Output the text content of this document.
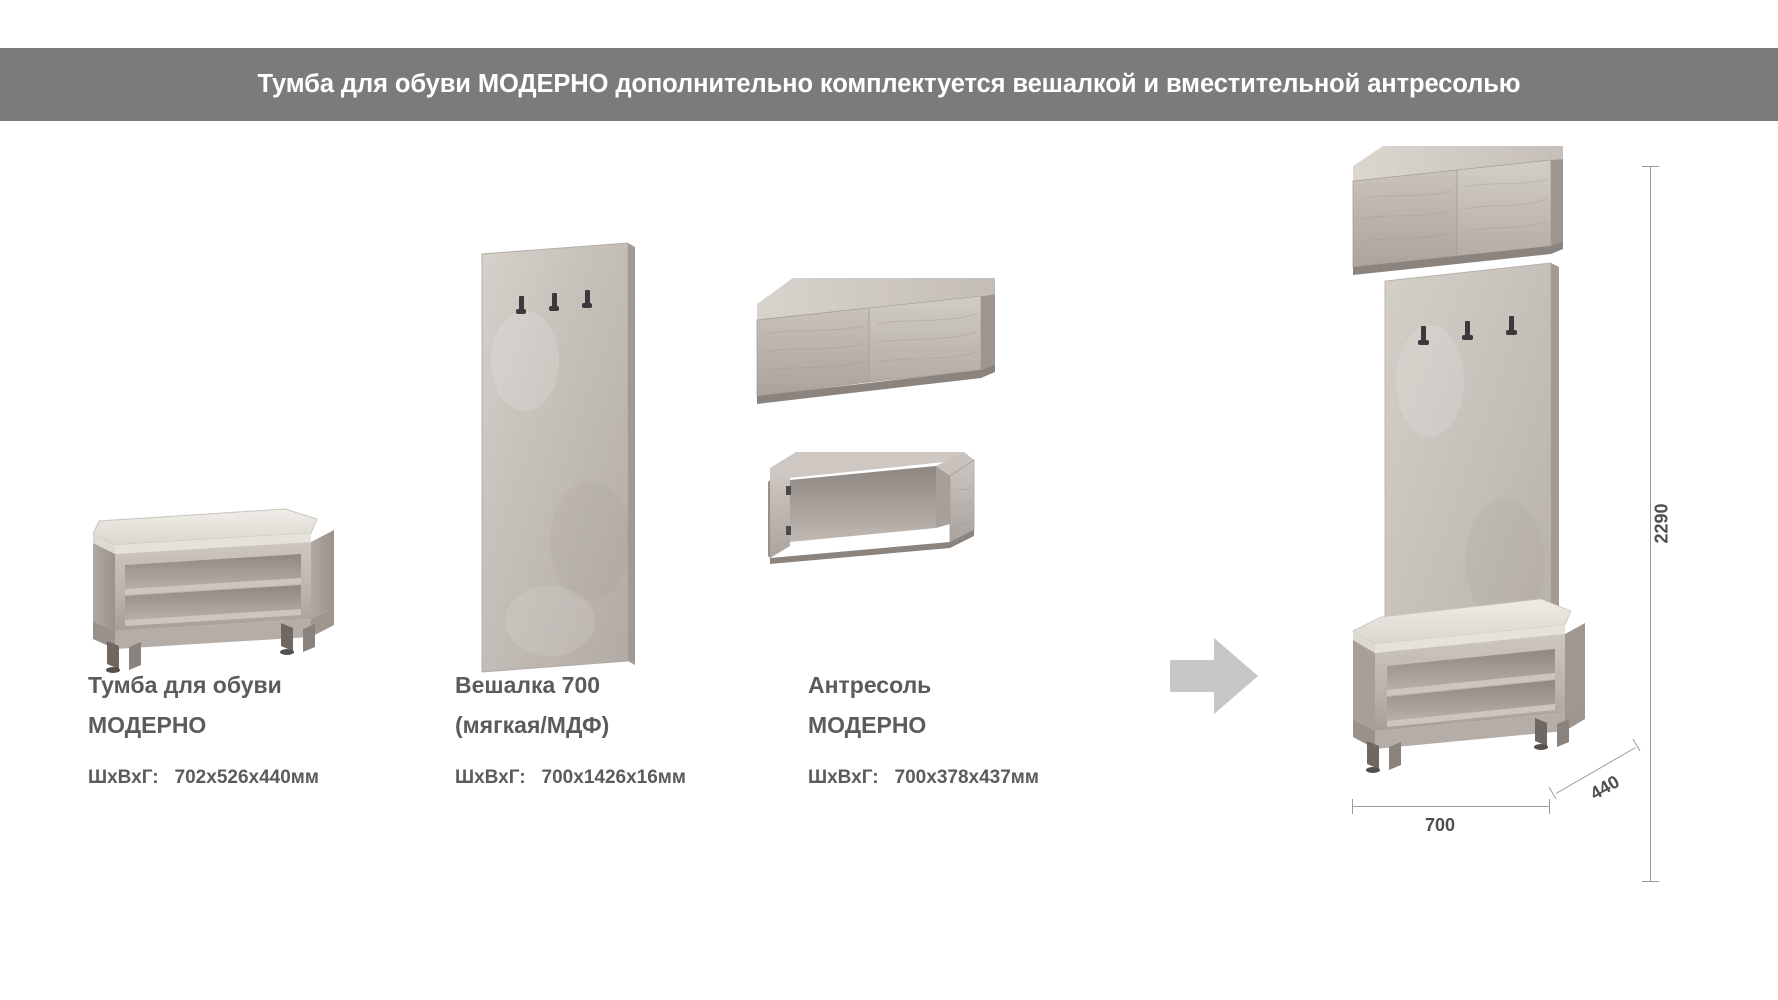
Тумба для обуви МОДЕРНО дополнительно комплектуется вешалкой и вместительной антресолью
Тумба для обуви
МОДЕРНО
ШхВхГ: 702х526х440мм
Вешалка 700
(мягкая/МДФ)
ШхВхГ: 700х1426х16мм
Антресоль
МОДЕРНО
ШхВхГ: 700х378х437мм
2290
700
440
